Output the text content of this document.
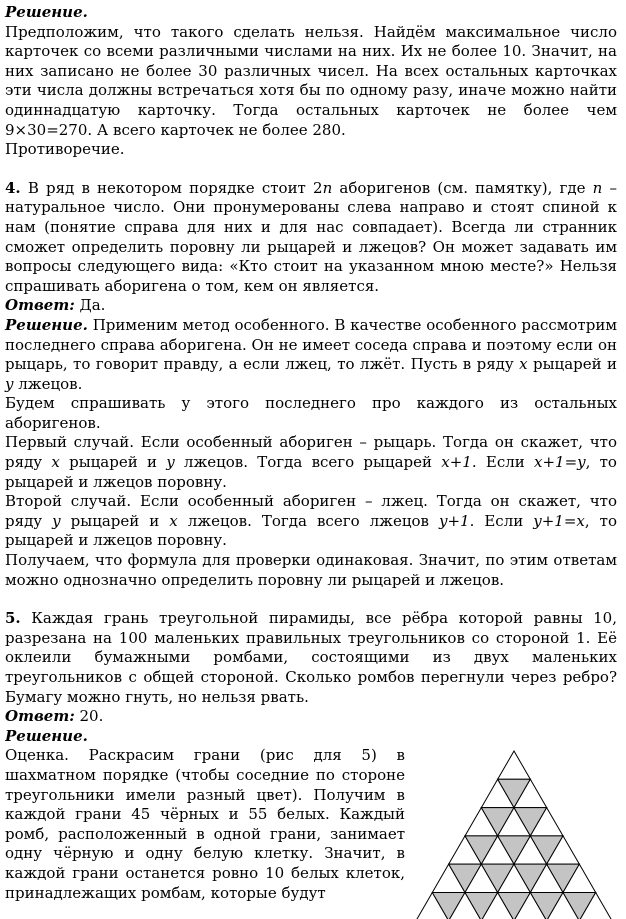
Решение.
Предположим, что такого сделать нельзя. Найдём максимальное число карточек со всеми различными числами на них. Их не более 10. Значит, на них записано не более 30 различных чисел. На всех остальных карточках эти числа должны встречаться хотя бы по одному разу, иначе можно найти одиннадцатую карточку. Тогда остальных карточек не более чем 9×30=270. А всего карточек не более 280.

Противоречие.

4. В ряд в некотором порядке стоит 2n аборигенов (см. памятку), где n – натуральное число. Они пронумерованы слева направо и стоят спиной к нам (понятие справа для них и для нас совпадает). Всегда ли странник сможет определить поровну ли рыцарей и лжецов? Он может задавать им вопросы следующего вида: «Кто стоит на указанном мною месте?» Нельзя спрашивать аборигена о том, кем он является.

Ответ: Да.

Решение. Применим метод особенного. В качестве особенного рассмотрим последнего справа аборигена. Он не имеет соседа справа и поэтому если он рыцарь, то говорит правду, а если лжец, то лжёт. Пусть в ряду x рыцарей и y лжецов.

Будем спрашивать у этого последнего про каждого из остальных аборигенов.

Первый случай. Если особенный абориген – рыцарь. Тогда он скажет, что ряду x рыцарей и y лжецов. Тогда всего рыцарей x+1. Если x+1=y, то рыцарей и лжецов поровну.

Второй случай. Если особенный абориген – лжец. Тогда он скажет, что ряду y рыцарей и x лжецов. Тогда всего лжецов y+1. Если y+1=x, то рыцарей и лжецов поровну.

Получаем, что формула для проверки одинаковая. Значит, по этим ответам можно однозначно определить поровну ли рыцарей и лжецов.

5. Каждая грань треугольной пирамиды, все рёбра которой равны 10, разрезана на 100 маленьких правильных треугольников со стороной 1. Её оклеили бумажными ромбами, состоящими из двух маленьких треугольников с общей стороной. Сколько ромбов перегнули через ребро? Бумагу можно гнуть, но нельзя рвать.

Ответ: 20.

Решение.
Оценка. Раскрасим грани (рис для 5) в шахматном порядке (чтобы соседние по стороне треугольники имели разный цвет). Получим в каждой грани 45 чёрных и 55 белых. Каждый ромб, расположенный в одной грани, занимает одну чёрную и одну белую клетку. Значит, в каждой грани останется ровно 10 белых клеток, принадлежащих ромбам, которые будут
